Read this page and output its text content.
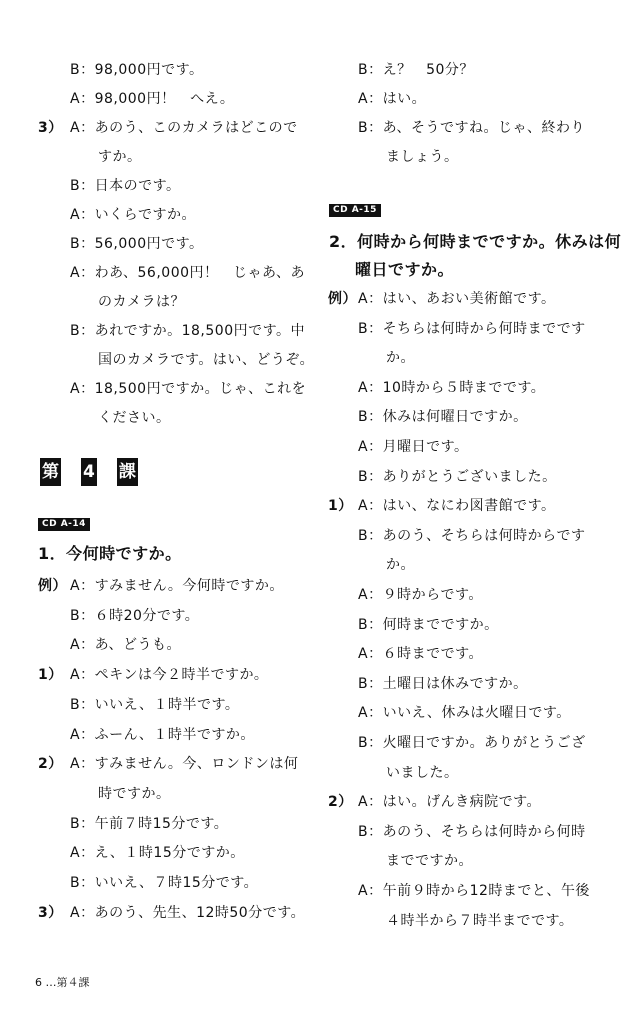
B：98,000円です。
A：98,000円！　へえ。
3） A：あのう、このカメラはどこので
すか。
B：日本のです。
A：いくらですか。
B：56,000円です。
A：わあ、56,000円！　じゃあ、あ
のカメラは？
B：あれですか。18,500円です。中
国のカメラです。はい、どうぞ。
A：18,500円ですか。じゃ、これを
ください。
例） A：すみません。今何時ですか。
B：６時20分です。
A：あ、どうも。
1） A：ペキンは今２時半ですか。
B：いいえ、１時半です。
A：ふーん、１時半ですか。
2） A：すみません。今、ロンドンは何
時ですか。
B：午前７時15分です。
A：え、１時15分ですか。
B：いいえ、７時15分です。
3） A：あのう、先生、12時50分です。
B：え？　50分？
A：はい。
B：あ、そうですね。じゃ、終わり
ましょう。
例） A：はい、あおい美術館です。
B：そちらは何時から何時までです
か。
A：10時から５時までです。
B：休みは何曜日ですか。
A：月曜日です。
B：ありがとうございました。
1） A：はい、なにわ図書館です。
B：あのう、そちらは何時からです
か。
A：９時からです。
B：何時までですか。
A：６時までです。
B：土曜日は休みですか。
A：いいえ、休みは火曜日です。
B：火曜日ですか。ありがとうござ
いました。
2） A：はい。げんき病院です。
B：あのう、そちらは何時から何時
までですか。
A：午前９時から12時までと、午後
４時半から７時半までです。
第 4 課
CD A-14
1．今何時ですか。
CD A-15
2．何時から何時までですか。休みは何
曜日ですか。
6 …第４課
